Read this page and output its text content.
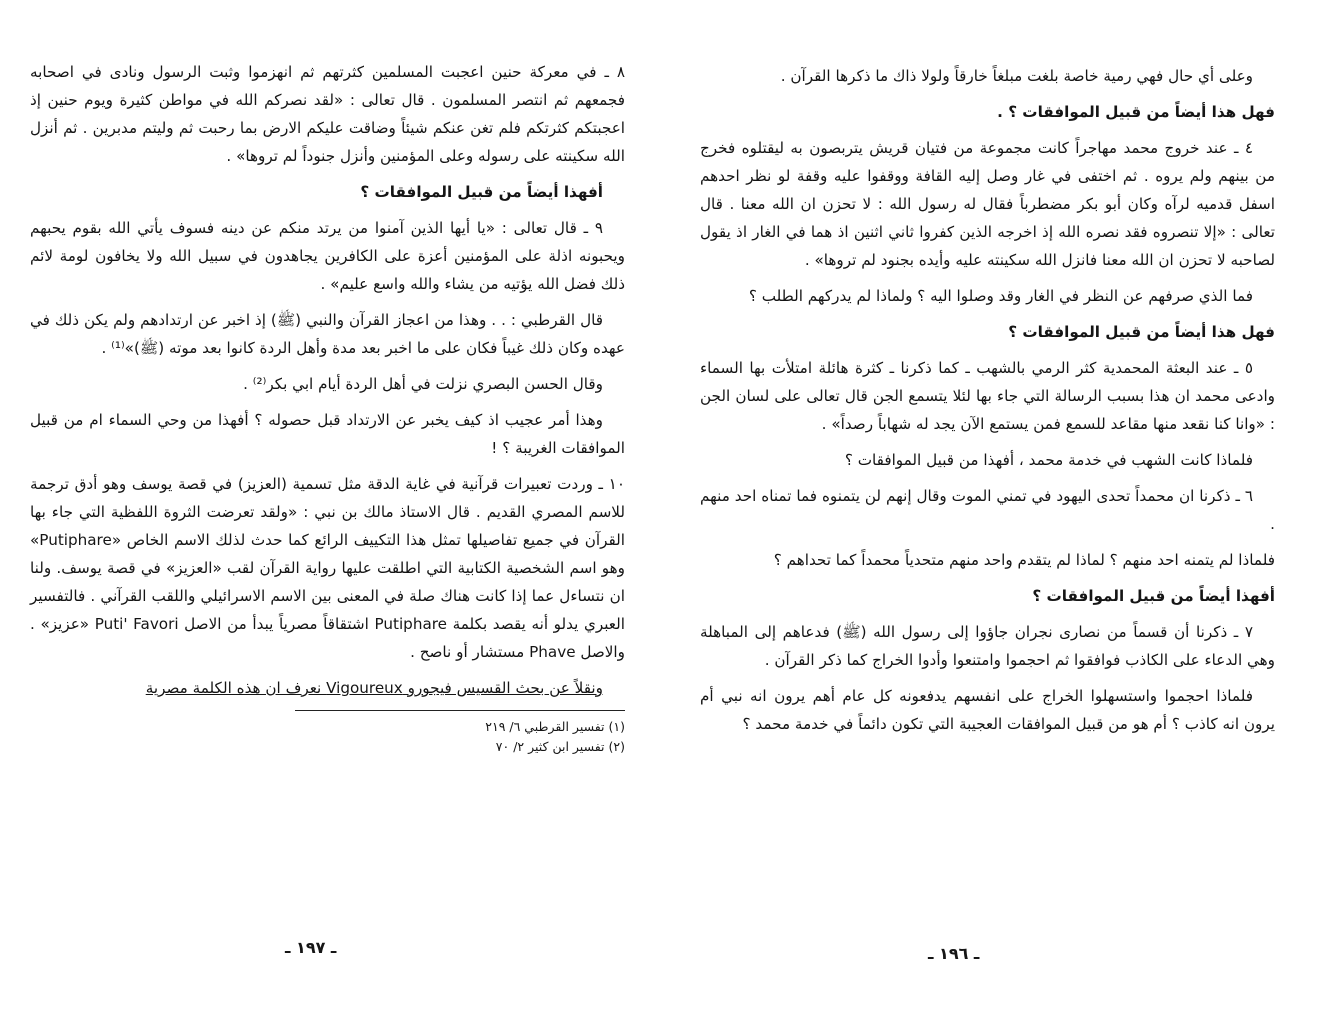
٨ ـ في معركة حنين اعجبت المسلمين كثرتهم ثم انهزموا وثبت الرسول ونادى في اصحابه فجمعهم ثم انتصر المسلمون . قال تعالى : «لقد نصركم الله في مواطن كثيرة ويوم حنين إذ اعجبتكم كثرتكم فلم تغن عنكم شيئاً وضاقت عليكم الارض بما رحبت ثم وليتم مدبرين . ثم أنزل الله سكينته على رسوله وعلى المؤمنين وأنزل جنوداً لم تروها» .

أفهذا أيضاً من قبيل الموافقات ؟

٩ ـ قال تعالى : «يا أيها الذين آمنوا من يرتد منكم عن دينه فسوف يأتي الله بقوم يحبهم ويحبونه اذلة على المؤمنين أعزة على الكافرين يجاهدون في سبيل الله ولا يخافون لومة لائم ذلك فضل الله يؤتيه من يشاء والله واسع عليم» .

قال القرطبي : . . وهذا من اعجاز القرآن والنبي (ﷺ) إذ اخبر عن ارتدادهم ولم يكن ذلك في عهده وكان ذلك غيباً فكان على ما اخبر بعد مدة وأهل الردة كانوا بعد موته (ﷺ)»⁽¹⁾ .

وقال الحسن البصري نزلت في أهل الردة أيام ابي بكر⁽²⁾ .

وهذا أمر عجيب اذ كيف يخبر عن الارتداد قبل حصوله ؟ أفهذا من وحي السماء ام من قبيل الموافقات الغريبة ؟ !

١٠ ـ وردت تعبيرات قرآنية في غاية الدقة مثل تسمية (العزيز) في قصة يوسف وهو أدق ترجمة للاسم المصري القديم . قال الاستاذ مالك بن نبي : «ولقد تعرضت الثروة اللفظية التي جاء بها القرآن في جميع تفاصيلها تمثل هذا التكييف الرائع كما حدث لذلك الاسم الخاص «Putiphare» وهو اسم الشخصية الكتابية التي اطلقت عليها رواية القرآن لقب «العزيز» في قصة يوسف. ولنا ان نتساءل عما إذا كانت هناك صلة في المعنى بين الاسم الاسرائيلي واللقب القرآني . فالتفسير العبري يدلو أنه يقصد بكلمة Putiphare اشتقاقاً مصرياً يبدأ من الاصل Puti' Favori «عزيز» . والاصل Phave مستشار أو ناصح .

ونقلاً عن بحث القسيس فيجورو Vigoureux نعرف ان هذه الكلمة مصرية

(١) تفسير القرطبي ٦/ ٢١٩

(٢) تفسير ابن كثير ٢/ ٧٠

ـ ١٩٧ ـ

وعلى أي حال فهي رمية خاصة بلغت مبلغاً خارقاً ولولا ذاك ما ذكرها القرآن .

فهل هذا أيضاً من قبيل الموافقات ؟ .

٤ ـ عند خروج محمد مهاجراً كانت مجموعة من فتيان قريش يتربصون به ليقتلوه فخرج من بينهم ولم يروه . ثم اختفى في غار وصل إليه القافة ووقفوا عليه وقفة لو نظر احدهم اسفل قدميه لرآه وكان أبو بكر مضطرباً فقال له رسول الله : لا تحزن ان الله معنا . قال تعالى : «إلا تنصروه فقد نصره الله إذ اخرجه الذين كفروا ثاني اثنين اذ هما في الغار اذ يقول لصاحبه لا تحزن ان الله معنا فانزل الله سكينته عليه وأيده بجنود لم تروها» .

فما الذي صرفهم عن النظر في الغار وقد وصلوا اليه ؟ ولماذا لم يدركهم الطلب ؟

فهل هذا أيضاً من قبيل الموافقات ؟

٥ ـ عند البعثة المحمدية كثر الرمي بالشهب ـ كما ذكرنا ـ كثرة هائلة امتلأت بها السماء وادعى محمد ان هذا بسبب الرسالة التي جاء بها لئلا يتسمع الجن قال تعالى على لسان الجن : «وانا كنا نقعد منها مقاعد للسمع فمن يستمع الآن يجد له شهاباً رصداً» .

فلماذا كانت الشهب في خدمة محمد ، أفهذا من قبيل الموافقات ؟

٦ ـ ذكرنا ان محمداً تحدى اليهود في تمني الموت وقال إنهم لن يتمنوه فما تمناه احد منهم .

فلماذا لم يتمنه احد منهم ؟ لماذا لم يتقدم واحد منهم متحدياً محمداً كما تحداهم ؟

أفهذا أيضاً من قبيل الموافقات ؟

٧ ـ ذكرنا أن قسماً من نصارى نجران جاؤوا إلى رسول الله (ﷺ) فدعاهم إلى المباهلة وهي الدعاء على الكاذب فوافقوا ثم احجموا وامتنعوا وأدوا الخراج كما ذكر القرآن .

فلماذا احجموا واستسهلوا الخراج على انفسهم يدفعونه كل عام أهم يرون انه نبي أم يرون انه كاذب ؟ أم هو من قبيل الموافقات العجيبة التي تكون دائماً في خدمة محمد ؟

ـ ١٩٦ ـ
